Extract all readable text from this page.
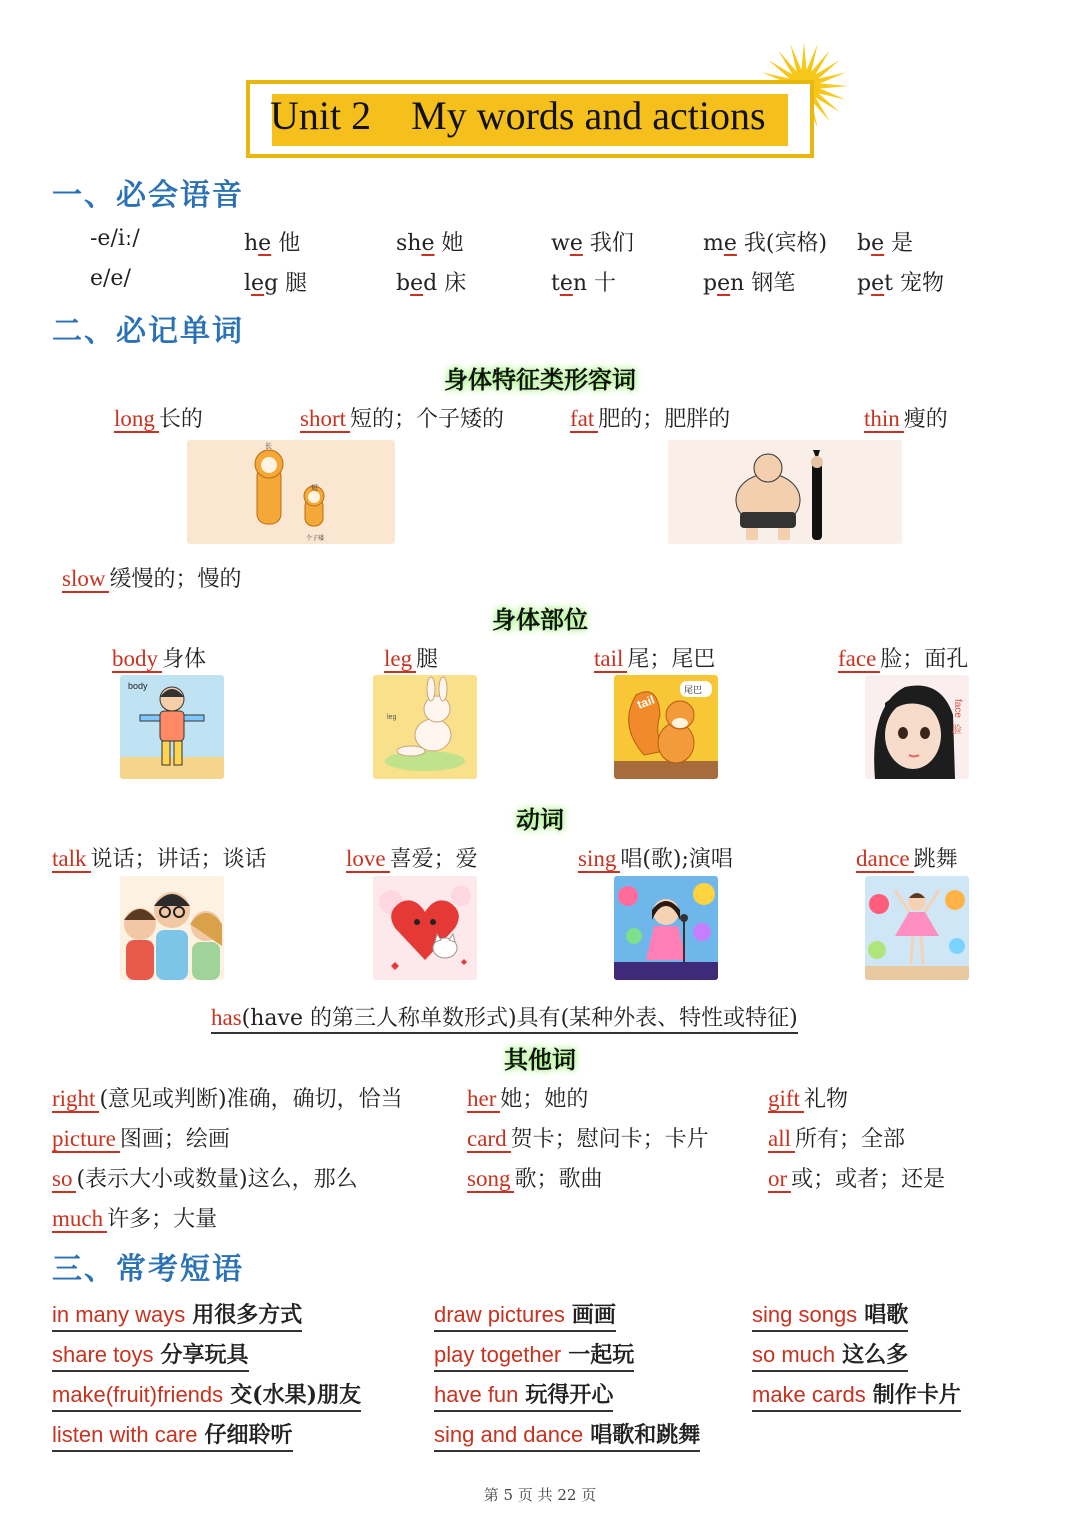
Unit 2 My words and actions
一、必会语音
-e/iː/	he 他	she 她	we 我们	me 我(宾格) be 是
e/e/	leg 腿	bed 床	ten 十	pen 钢笔	pet 宠物
二、必记单词
身体特征类形容词
long 长的	short 短的；个子矮的	fat 肥的；肥胖的	thin 瘦的
长
短
个子矮
slow 缓慢的；慢的
身体部位
body 身体	leg 腿	tail 尾；尾巴	face 脸；面孔
body
leg
尾巴
tail	face
脸
动词
talk 说话；讲话；谈话	love 喜爱；爱	sing 唱(歌);演唱	dance 跳舞
has(have 的第三人称单数形式)具有(某种外表、特性或特征)
其他词
right (意见或判断)准确，确切，恰当	her 她；她的	gift 礼物
picture 图画；绘画	card 贺卡；慰问卡；卡片	all 所有；全部
so (表示大小或数量)这么，那么	song 歌；歌曲	or 或；或者；还是
much 许多；大量
三、常考短语
in many ways 用很多方式	draw pictures 画画	sing songs 唱歌
share toys 分享玩具	play together 一起玩	so much 这么多
make(fruit)friends 交(水果)朋友	have fun 玩得开心	make cards 制作卡片
listen with care 仔细聆听	sing and dance 唱歌和跳舞
第 5 页 共 22 页
